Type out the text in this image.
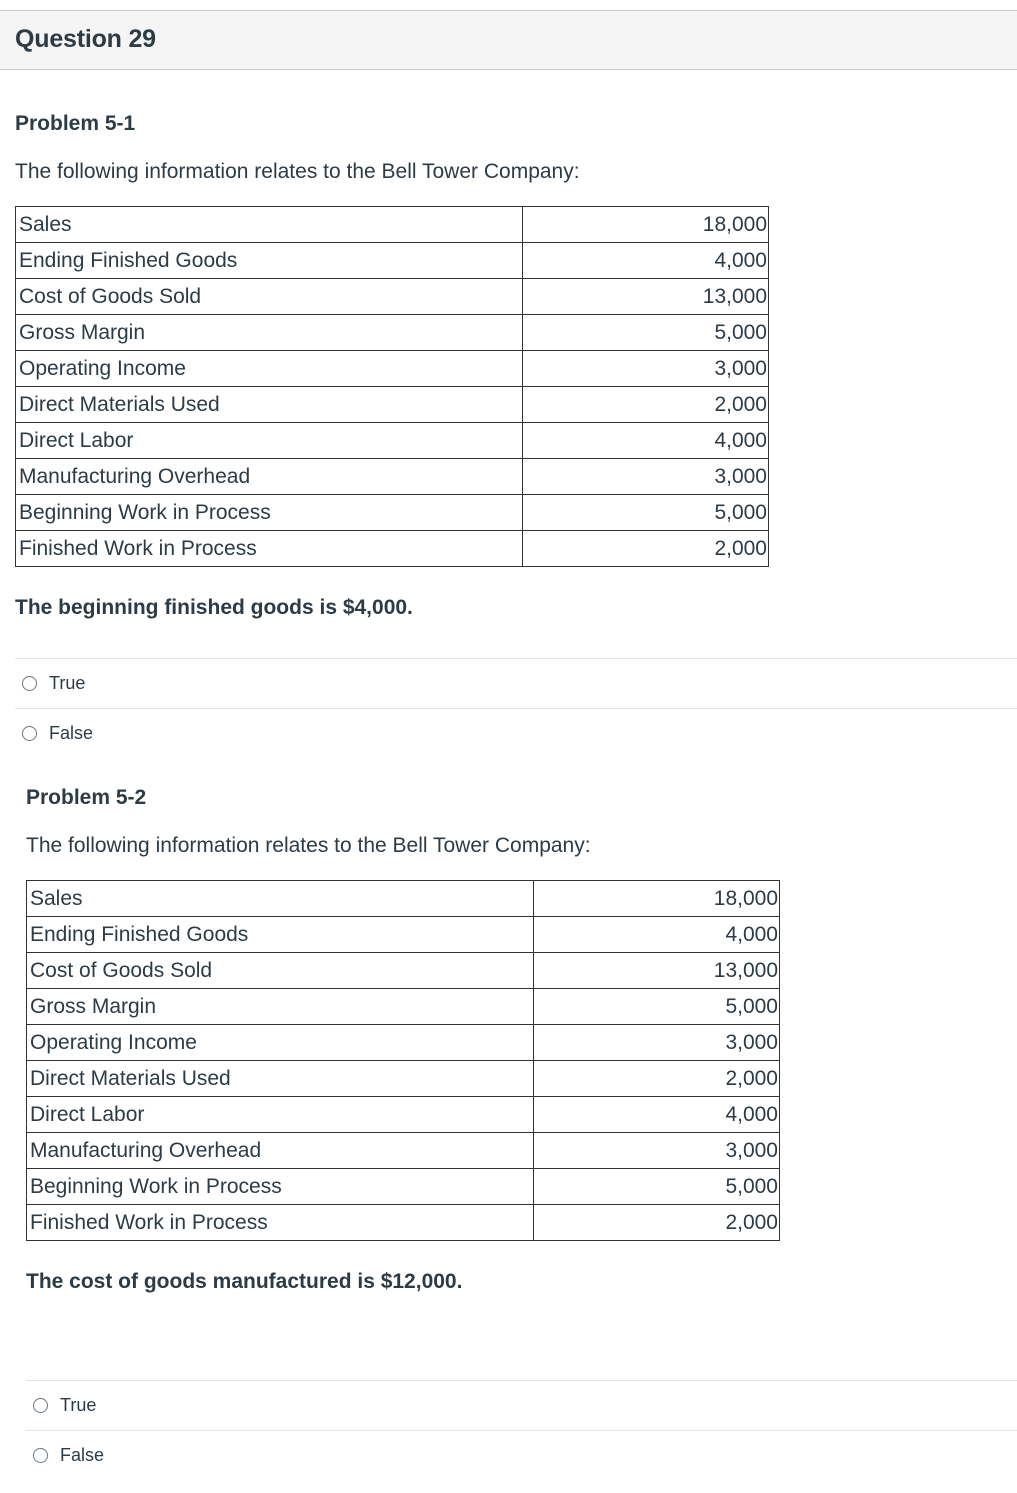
Question 29
Problem 5-1
The following information relates to the Bell Tower Company:
Sales	18,000
Ending Finished Goods	4,000
Cost of Goods Sold	13,000
Gross Margin	5,000
Operating Income	3,000
Direct Materials Used	2,000
Direct Labor	4,000
Manufacturing Overhead	3,000
Beginning Work in Process	5,000
Finished Work in Process	2,000
The beginning finished goods is $4,000.
True
False
Problem 5-2
The following information relates to the Bell Tower Company:
Sales	18,000
Ending Finished Goods	4,000
Cost of Goods Sold	13,000
Gross Margin	5,000
Operating Income	3,000
Direct Materials Used	2,000
Direct Labor	4,000
Manufacturing Overhead	3,000
Beginning Work in Process	5,000
Finished Work in Process	2,000
The cost of goods manufactured is $12,000.
True
False
